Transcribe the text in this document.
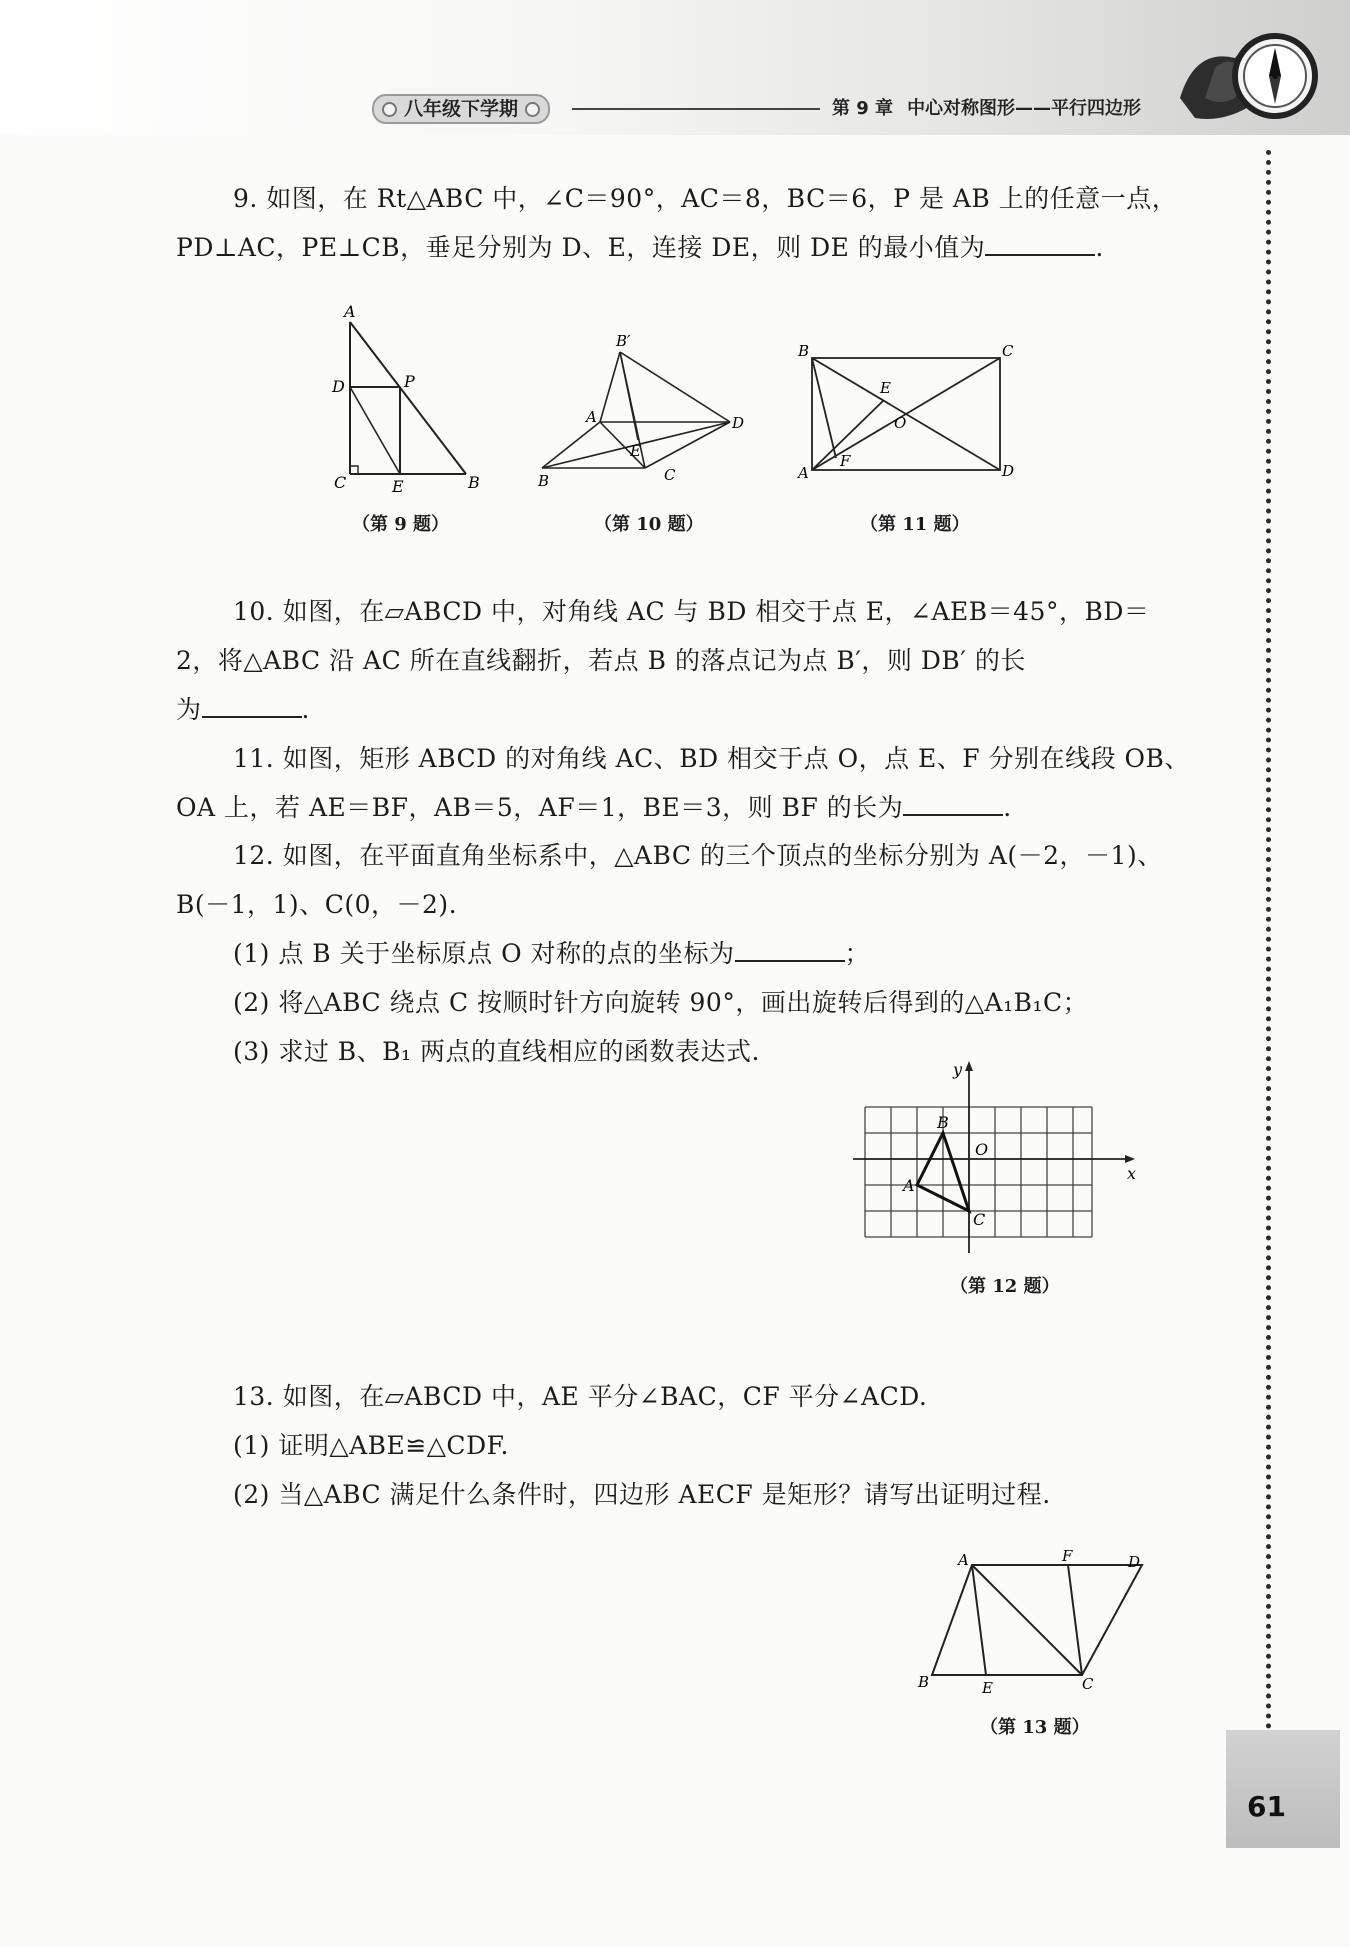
八年级下学期	第 9 章 中心对称图形——平行四边形
61
9. 如图，在 Rt△ABC 中，∠C＝90°，AC＝8，BC＝6，P 是 AB 上的任意一点，
PD⊥AC，PE⊥CB，垂足分别为 D、E，连接 DE，则 DE 的最小值为	.
A
D	P
C	E	B
（第 9 题）
B′
A	D
E
B	C
（第 10 题）
B	C
E
O
A
F
D
（第 11 题）
10. 如图，在▱ABCD 中，对角线 AC 与 BD 相交于点 E，∠AEB＝45°，BD＝
2，将△ABC 沿 AC 所在直线翻折，若点 B 的落点记为点 B′，则 DB′ 的长
为	.
11. 如图，矩形 ABCD 的对角线 AC、BD 相交于点 O，点 E、F 分别在线段 OB、
OA 上，若 AE＝BF，AB＝5，AF＝1，BE＝3，则 BF 的长为	.
12. 如图，在平面直角坐标系中，△ABC 的三个顶点的坐标分别为 A(－2，－1)、
B(－1，1)、C(0，－2).
(1) 点 B 关于坐标原点 O 对称的点的坐标为	；
(2) 将△ABC 绕点 C 按顺时针方向旋转 90°，画出旋转后得到的△A₁B₁C；
(3) 求过 B、B₁ 两点的直线相应的函数表达式.
y
B
O
x
A
C
（第 12 题）
13. 如图，在▱ABCD 中，AE 平分∠BAC，CF 平分∠ACD.
(1) 证明△ABE≌△CDF.
(2) 当△ABC 满足什么条件时，四边形 AECF 是矩形？请写出证明过程.
A	F	D
B	E	C
（第 13 题）
